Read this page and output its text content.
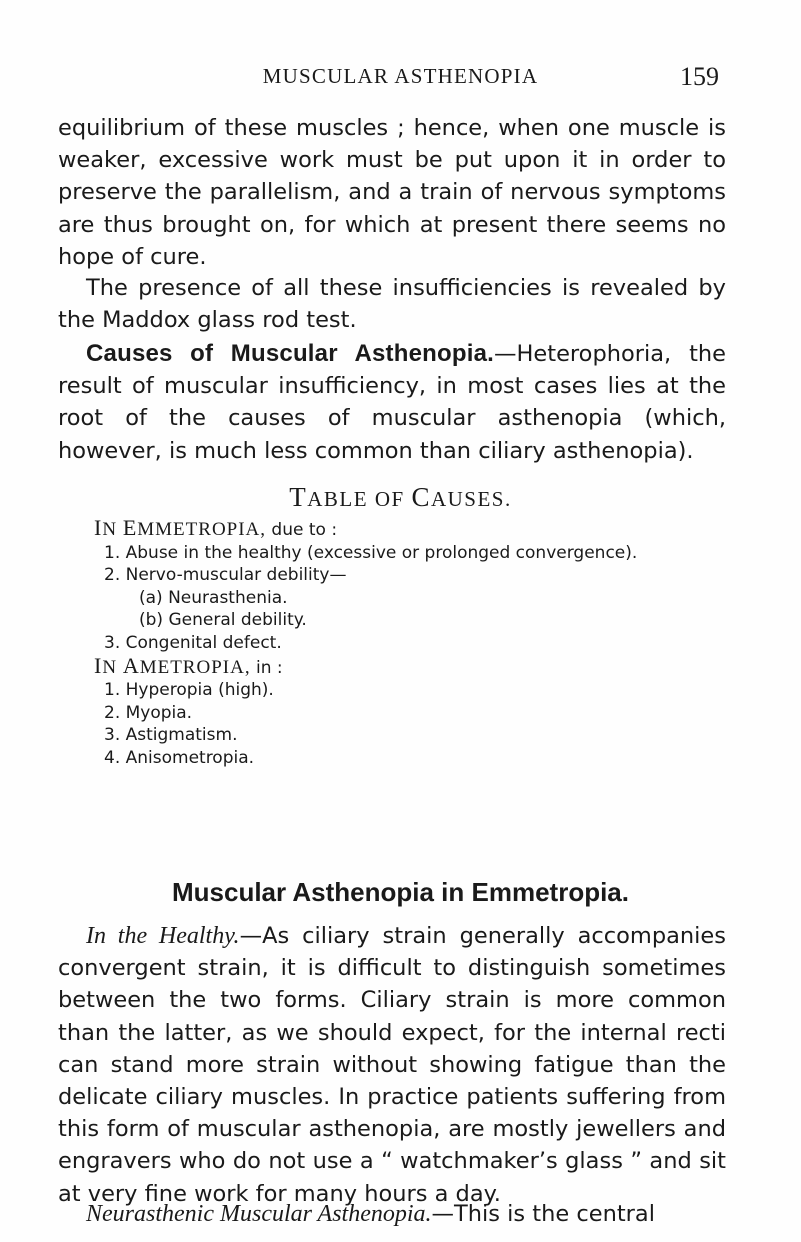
MUSCULAR ASTHENOPIA	159

equilibrium of these muscles ; hence, when one muscle is weaker, excessive work must be put upon it in order to preserve the parallelism, and a train of nervous symptoms are thus brought on, for which at present there seems no hope of cure.

The presence of all these insufficiencies is revealed by the Maddox glass rod test.

Causes of Muscular Asthenopia.—Heterophoria, the result of muscular insufficiency, in most cases lies at the root of the causes of muscular asthenopia (which, however, is much less common than ciliary asthenopia).

TABLE OF CAUSES.
IN EMMETROPIA, due to :
1. Abuse in the healthy (excessive or prolonged convergence).
2. Nervo-muscular debility—
(a) Neurasthenia.
(b) General debility.
3. Congenital defect.
IN AMETROPIA, in :
1. Hyperopia (high).
2. Myopia.
3. Astigmatism.
4. Anisometropia.
Muscular Asthenopia in Emmetropia.

In the Healthy.—As ciliary strain generally accompanies convergent strain, it is difficult to distinguish sometimes between the two forms. Ciliary strain is more common than the latter, as we should expect, for the internal recti can stand more strain without showing fatigue than the delicate ciliary muscles. In practice patients suffering from this form of muscular asthenopia, are mostly jewellers and engravers who do not use a “ watchmaker’s glass ” and sit at very fine work for many hours a day.

Neurasthenic Muscular Asthenopia.—This is the central
